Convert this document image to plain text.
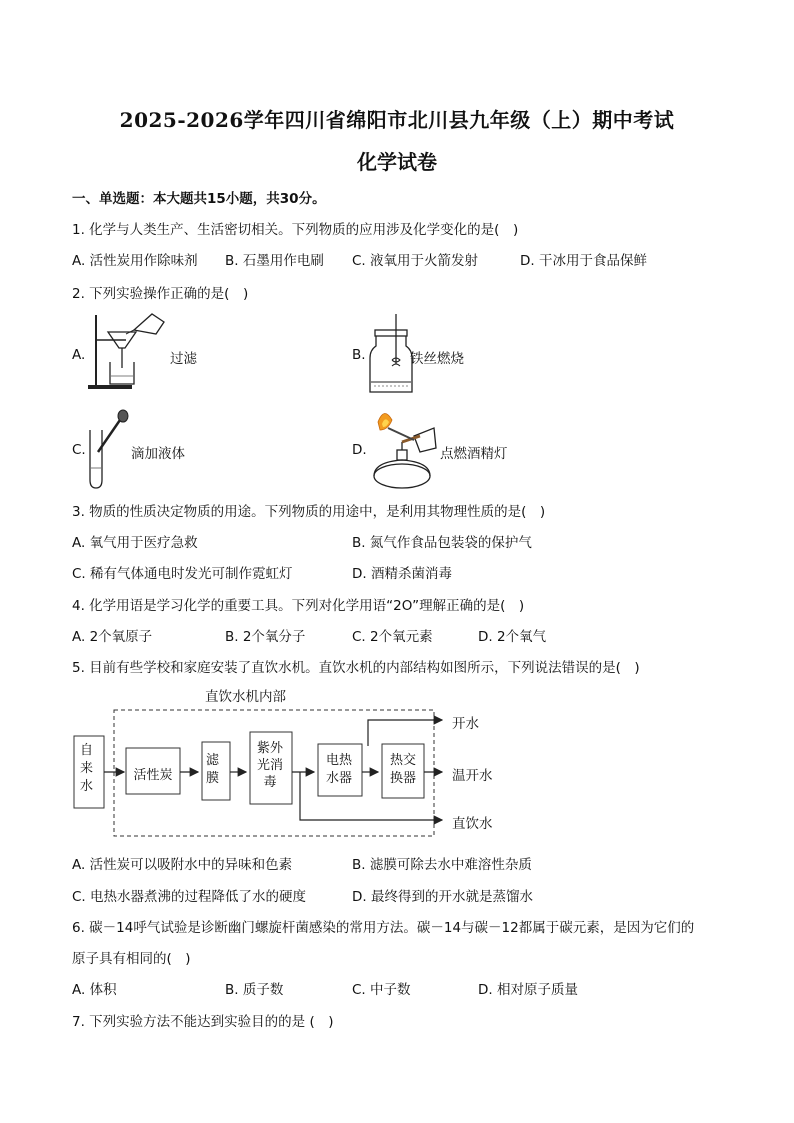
2025-2026学年四川省绵阳市北川县九年级（上）期中考试
化学试卷
一、单选题：本大题共15小题，共30分。
1. 化学与人类生产、生活密切相关。下列物质的应用涉及化学变化的是(　)
A. 活性炭用作除味剂 B. 石墨用作电刷 C. 液氧用于火箭发射	D. 干冰用于食品保鲜
2. 下列实验操作正确的是(　)
A.	过滤	B.	铁丝燃烧
C.	滴加液体	D.	点燃酒精灯
3. 物质的性质决定物质的用途。下列物质的用途中，是利用其物理性质的是(　)
A. 氧气用于医疗急救	B. 氮气作食品包装袋的保护气
C. 稀有气体通电时发光可制作霓虹灯	D. 酒精杀菌消毒
4. 化学用语是学习化学的重要工具。下列对化学用语“2O”理解正确的是(　)
A. 2个氧原子	B. 2个氧分子	C. 2个氧元素	D. 2个氧气
5. 目前有些学校和家庭安装了直饮水机。直饮水机的内部结构如图所示，下列说法错误的是(　)
直饮水机内部
自来水
活性炭
滤膜
紫外光消毒
电热水器
热交换器
开水
温开水
直饮水
A. 活性炭可以吸附水中的异味和色素	B. 滤膜可除去水中难溶性杂质
C. 电热水器煮沸的过程降低了水的硬度	D. 最终得到的开水就是蒸馏水
6. 碳－14呼气试验是诊断幽门螺旋杆菌感染的常用方法。碳－14与碳－12都属于碳元素，是因为它们的
原子具有相同的(　)
A. 体积	B. 质子数	C. 中子数	D. 相对原子质量
7. 下列实验方法不能达到实验目的的是 (　)
